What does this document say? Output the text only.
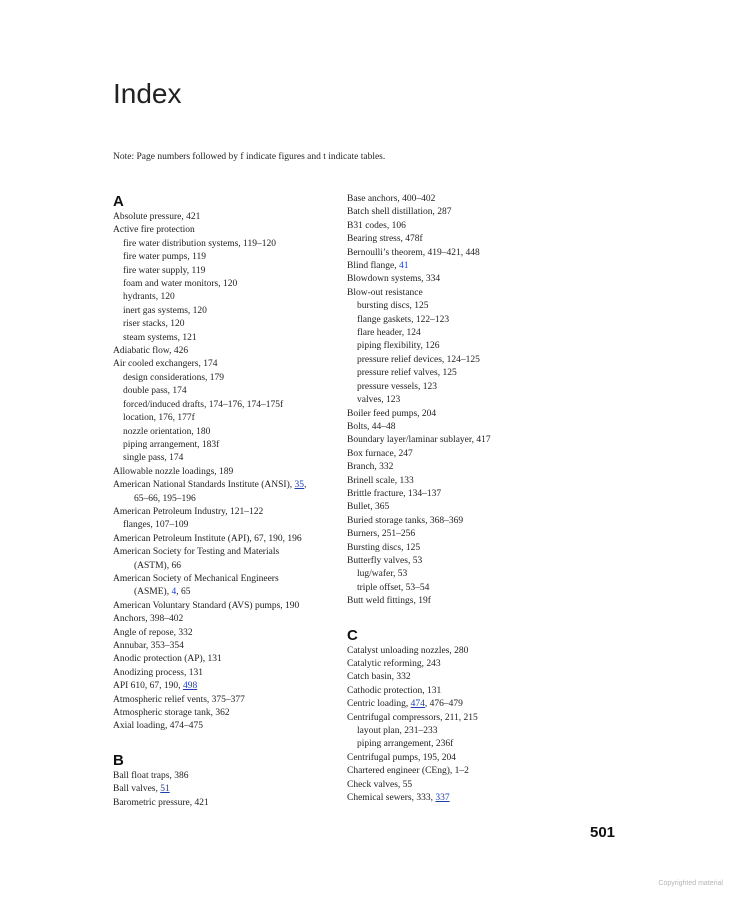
Index
Note: Page numbers followed by f indicate figures and t indicate tables.
A
Absolute pressure, 421
Active fire protection
fire water distribution systems, 119–120
fire water pumps, 119
fire water supply, 119
foam and water monitors, 120
hydrants, 120
inert gas systems, 120
riser stacks, 120
steam systems, 121
Adiabatic flow, 426
Air cooled exchangers, 174
design considerations, 179
double pass, 174
forced/induced drafts, 174–176, 174–175f
location, 176, 177f
nozzle orientation, 180
piping arrangement, 183f
single pass, 174
Allowable nozzle loadings, 189
American National Standards Institute (ANSI), 35,
65–66, 195–196
American Petroleum Industry, 121–122
flanges, 107–109
American Petroleum Institute (API), 67, 190, 196
American Society for Testing and Materials
(ASTM), 66
American Society of Mechanical Engineers
(ASME), 4, 65
American Voluntary Standard (AVS) pumps, 190
Anchors, 398–402
Angle of repose, 332
Annubar, 353–354
Anodic protection (AP), 131
Anodizing process, 131
API 610, 67, 190, 498
Atmospheric relief vents, 375–377
Atmospheric storage tank, 362
Axial loading, 474–475
B
Ball float traps, 386
Ball valves, 51
Barometric pressure, 421
Base anchors, 400–402
Batch shell distillation, 287
B31 codes, 106
Bearing stress, 478f
Bernoulli’s theorem, 419–421, 448
Blind flange, 41
Blowdown systems, 334
Blow-out resistance
bursting discs, 125
flange gaskets, 122–123
flare header, 124
piping flexibility, 126
pressure relief devices, 124–125
pressure relief valves, 125
pressure vessels, 123
valves, 123
Boiler feed pumps, 204
Bolts, 44–48
Boundary layer/laminar sublayer, 417
Box furnace, 247
Branch, 332
Brinell scale, 133
Brittle fracture, 134–137
Bullet, 365
Buried storage tanks, 368–369
Burners, 251–256
Bursting discs, 125
Butterfly valves, 53
lug/wafer, 53
triple offset, 53–54
Butt weld fittings, 19f
C
Catalyst unloading nozzles, 280
Catalytic reforming, 243
Catch basin, 332
Cathodic protection, 131
Centric loading, 474, 476–479
Centrifugal compressors, 211, 215
layout plan, 231–233
piping arrangement, 236f
Centrifugal pumps, 195, 204
Chartered engineer (CEng), 1–2
Check valves, 55
Chemical sewers, 333, 337
501
Copyrighted material
